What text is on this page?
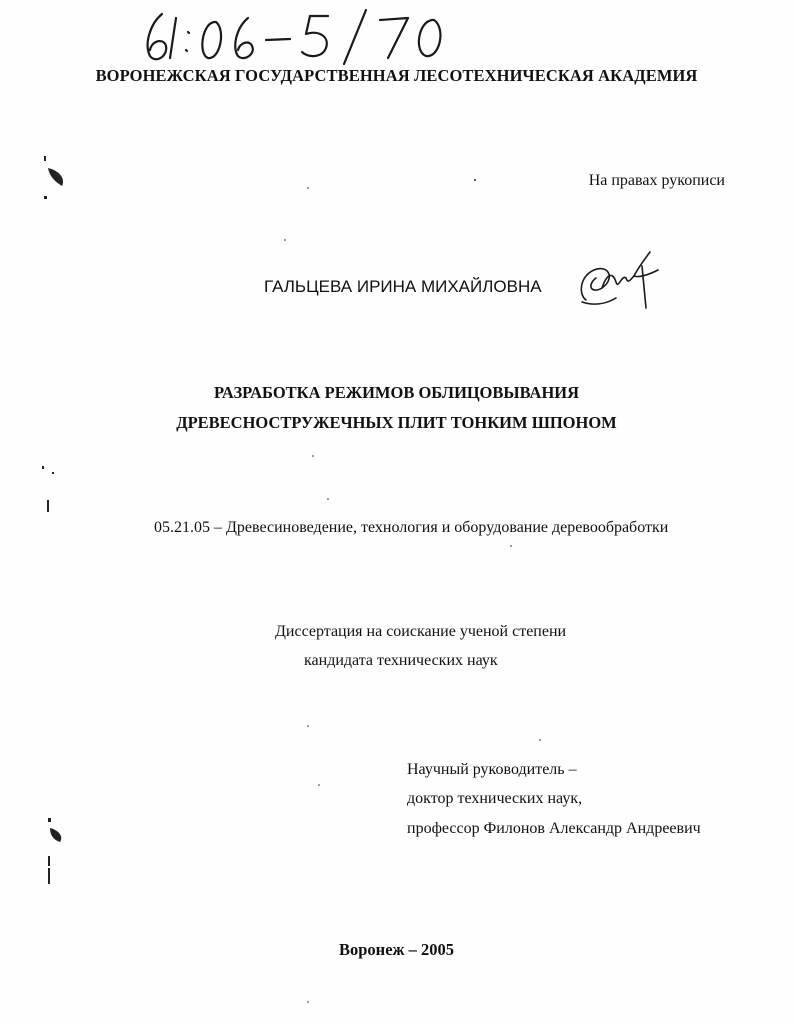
ВОРОНЕЖСКАЯ ГОСУДАРСТВЕННАЯ ЛЕСОТЕХНИЧЕСКАЯ АКАДЕМИЯ
На правах рукописи
ГАЛЬЦЕВА ИРИНА МИХАЙЛОВНА
РАЗРАБОТКА РЕЖИМОВ ОБЛИЦОВЫВАНИЯ
ДРЕВЕСНОСТРУЖЕЧНЫХ ПЛИТ ТОНКИМ ШПОНОМ
05.21.05 – Древесиноведение, технология и оборудование деревообработки
Диссертация на соискание ученой степени
кандидата технических наук
Научный руководитель –
доктор технических наук,
профессор Филонов Александр Андреевич
Воронеж – 2005
